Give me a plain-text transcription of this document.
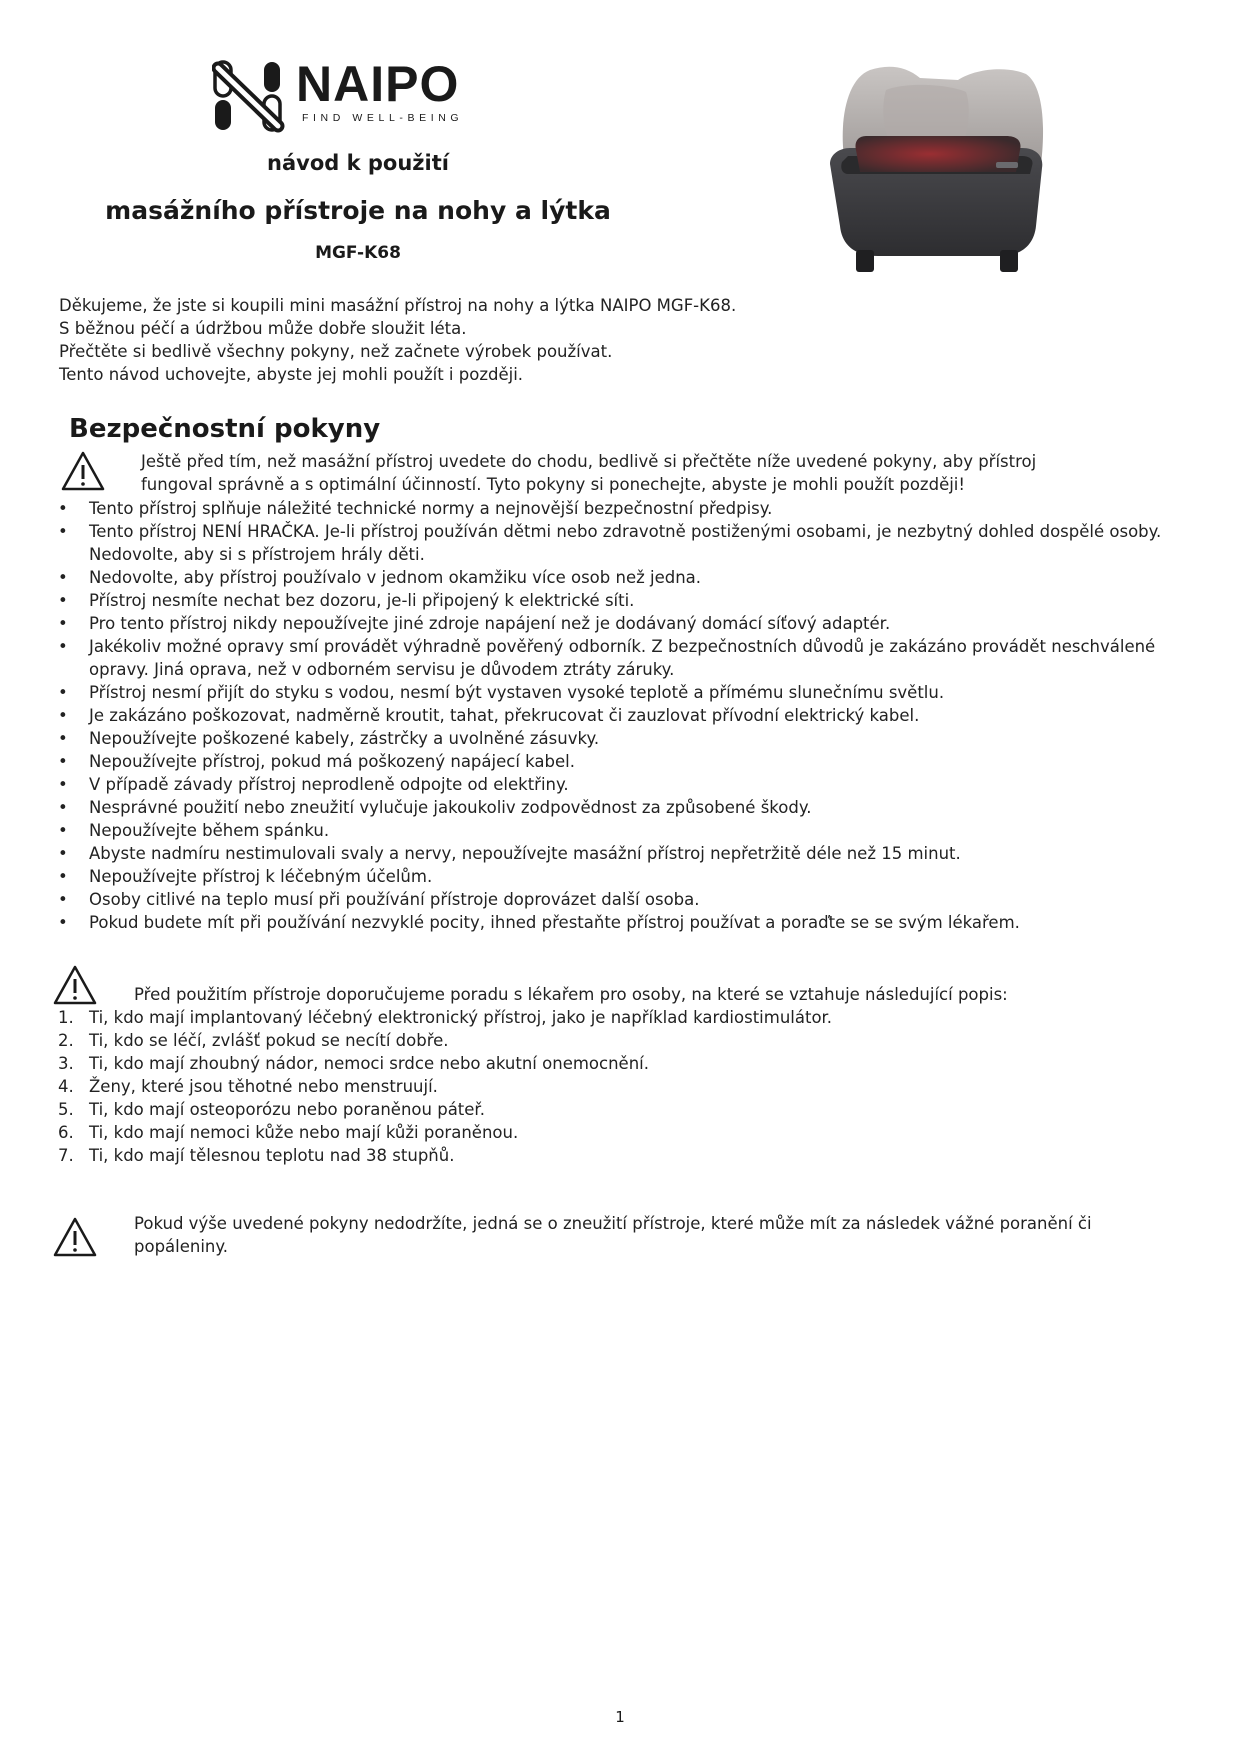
NAIPO
FIND WELL-BEING
návod k použití
masážního přístroje na nohy a lýtka
MGF-K68
Děkujeme, že jste si koupili mini masážní přístroj na nohy a lýtka NAIPO MGF-K68.
S běžnou péčí a údržbou může dobře sloužit léta.
Přečtěte si bedlivě všechny pokyny, než začnete výrobek používat.
Tento návod uchovejte, abyste jej mohli použít i později.
Bezpečnostní pokyny
Ještě před tím, než masážní přístroj uvedete do chodu, bedlivě si přečtěte níže uvedené pokyny, aby přístroj
fungoval správně a s optimální účinností. Tyto pokyny si ponechejte, abyste je mohli použít později!
• Tento přístroj splňuje náležité technické normy a nejnovější bezpečnostní předpisy.
• Tento přístroj NENÍ HRAČKA. Je-li přístroj používán dětmi nebo zdravotně postiženými osobami, je nezbytný dohled dospělé osoby. Nedovolte, aby si s přístrojem hrály děti.
• Nedovolte, aby přístroj používalo v jednom okamžiku více osob než jedna.
• Přístroj nesmíte nechat bez dozoru, je-li připojený k elektrické síti.
• Pro tento přístroj nikdy nepoužívejte jiné zdroje napájení než je dodávaný domácí síťový adaptér.
• Jakékoliv možné opravy smí provádět výhradně pověřený odborník. Z bezpečnostních důvodů je zakázáno provádět neschválené opravy. Jiná oprava, než v odborném servisu je důvodem ztráty záruky.
• Přístroj nesmí přijít do styku s vodou, nesmí být vystaven vysoké teplotě a přímému slunečnímu světlu.
• Je zakázáno poškozovat, nadměrně kroutit, tahat, překrucovat či zauzlovat přívodní elektrický kabel.
• Nepoužívejte poškozené kabely, zástrčky a uvolněné zásuvky.
• Nepoužívejte přístroj, pokud má poškozený napájecí kabel.
• V případě závady přístroj neprodleně odpojte od elektřiny.
• Nesprávné použití nebo zneužití vylučuje jakoukoliv zodpovědnost za způsobené škody.
• Nepoužívejte během spánku.
• Abyste nadmíru nestimulovali svaly a nervy, nepoužívejte masážní přístroj nepřetržitě déle než 15 minut.
• Nepoužívejte přístroj k léčebným účelům.
• Osoby citlivé na teplo musí při používání přístroje doprovázet další osoba.
• Pokud budete mít při používání nezvyklé pocity, ihned přestaňte přístroj používat a poraďte se se svým lékařem.
Před použitím přístroje doporučujeme poradu s lékařem pro osoby, na které se vztahuje následující popis:
1. Ti, kdo mají implantovaný léčebný elektronický přístroj, jako je například kardiostimulátor.
2. Ti, kdo se léčí, zvlášť pokud se necítí dobře.
3. Ti, kdo mají zhoubný nádor, nemoci srdce nebo akutní onemocnění.
4. Ženy, které jsou těhotné nebo menstruují.
5. Ti, kdo mají osteoporózu nebo poraněnou páteř.
6. Ti, kdo mají nemoci kůže nebo mají kůži poraněnou.
7. Ti, kdo mají tělesnou teplotu nad 38 stupňů.
Pokud výše uvedené pokyny nedodržíte, jedná se o zneužití přístroje, které může mít za následek vážné poranění či
popáleniny.
1
